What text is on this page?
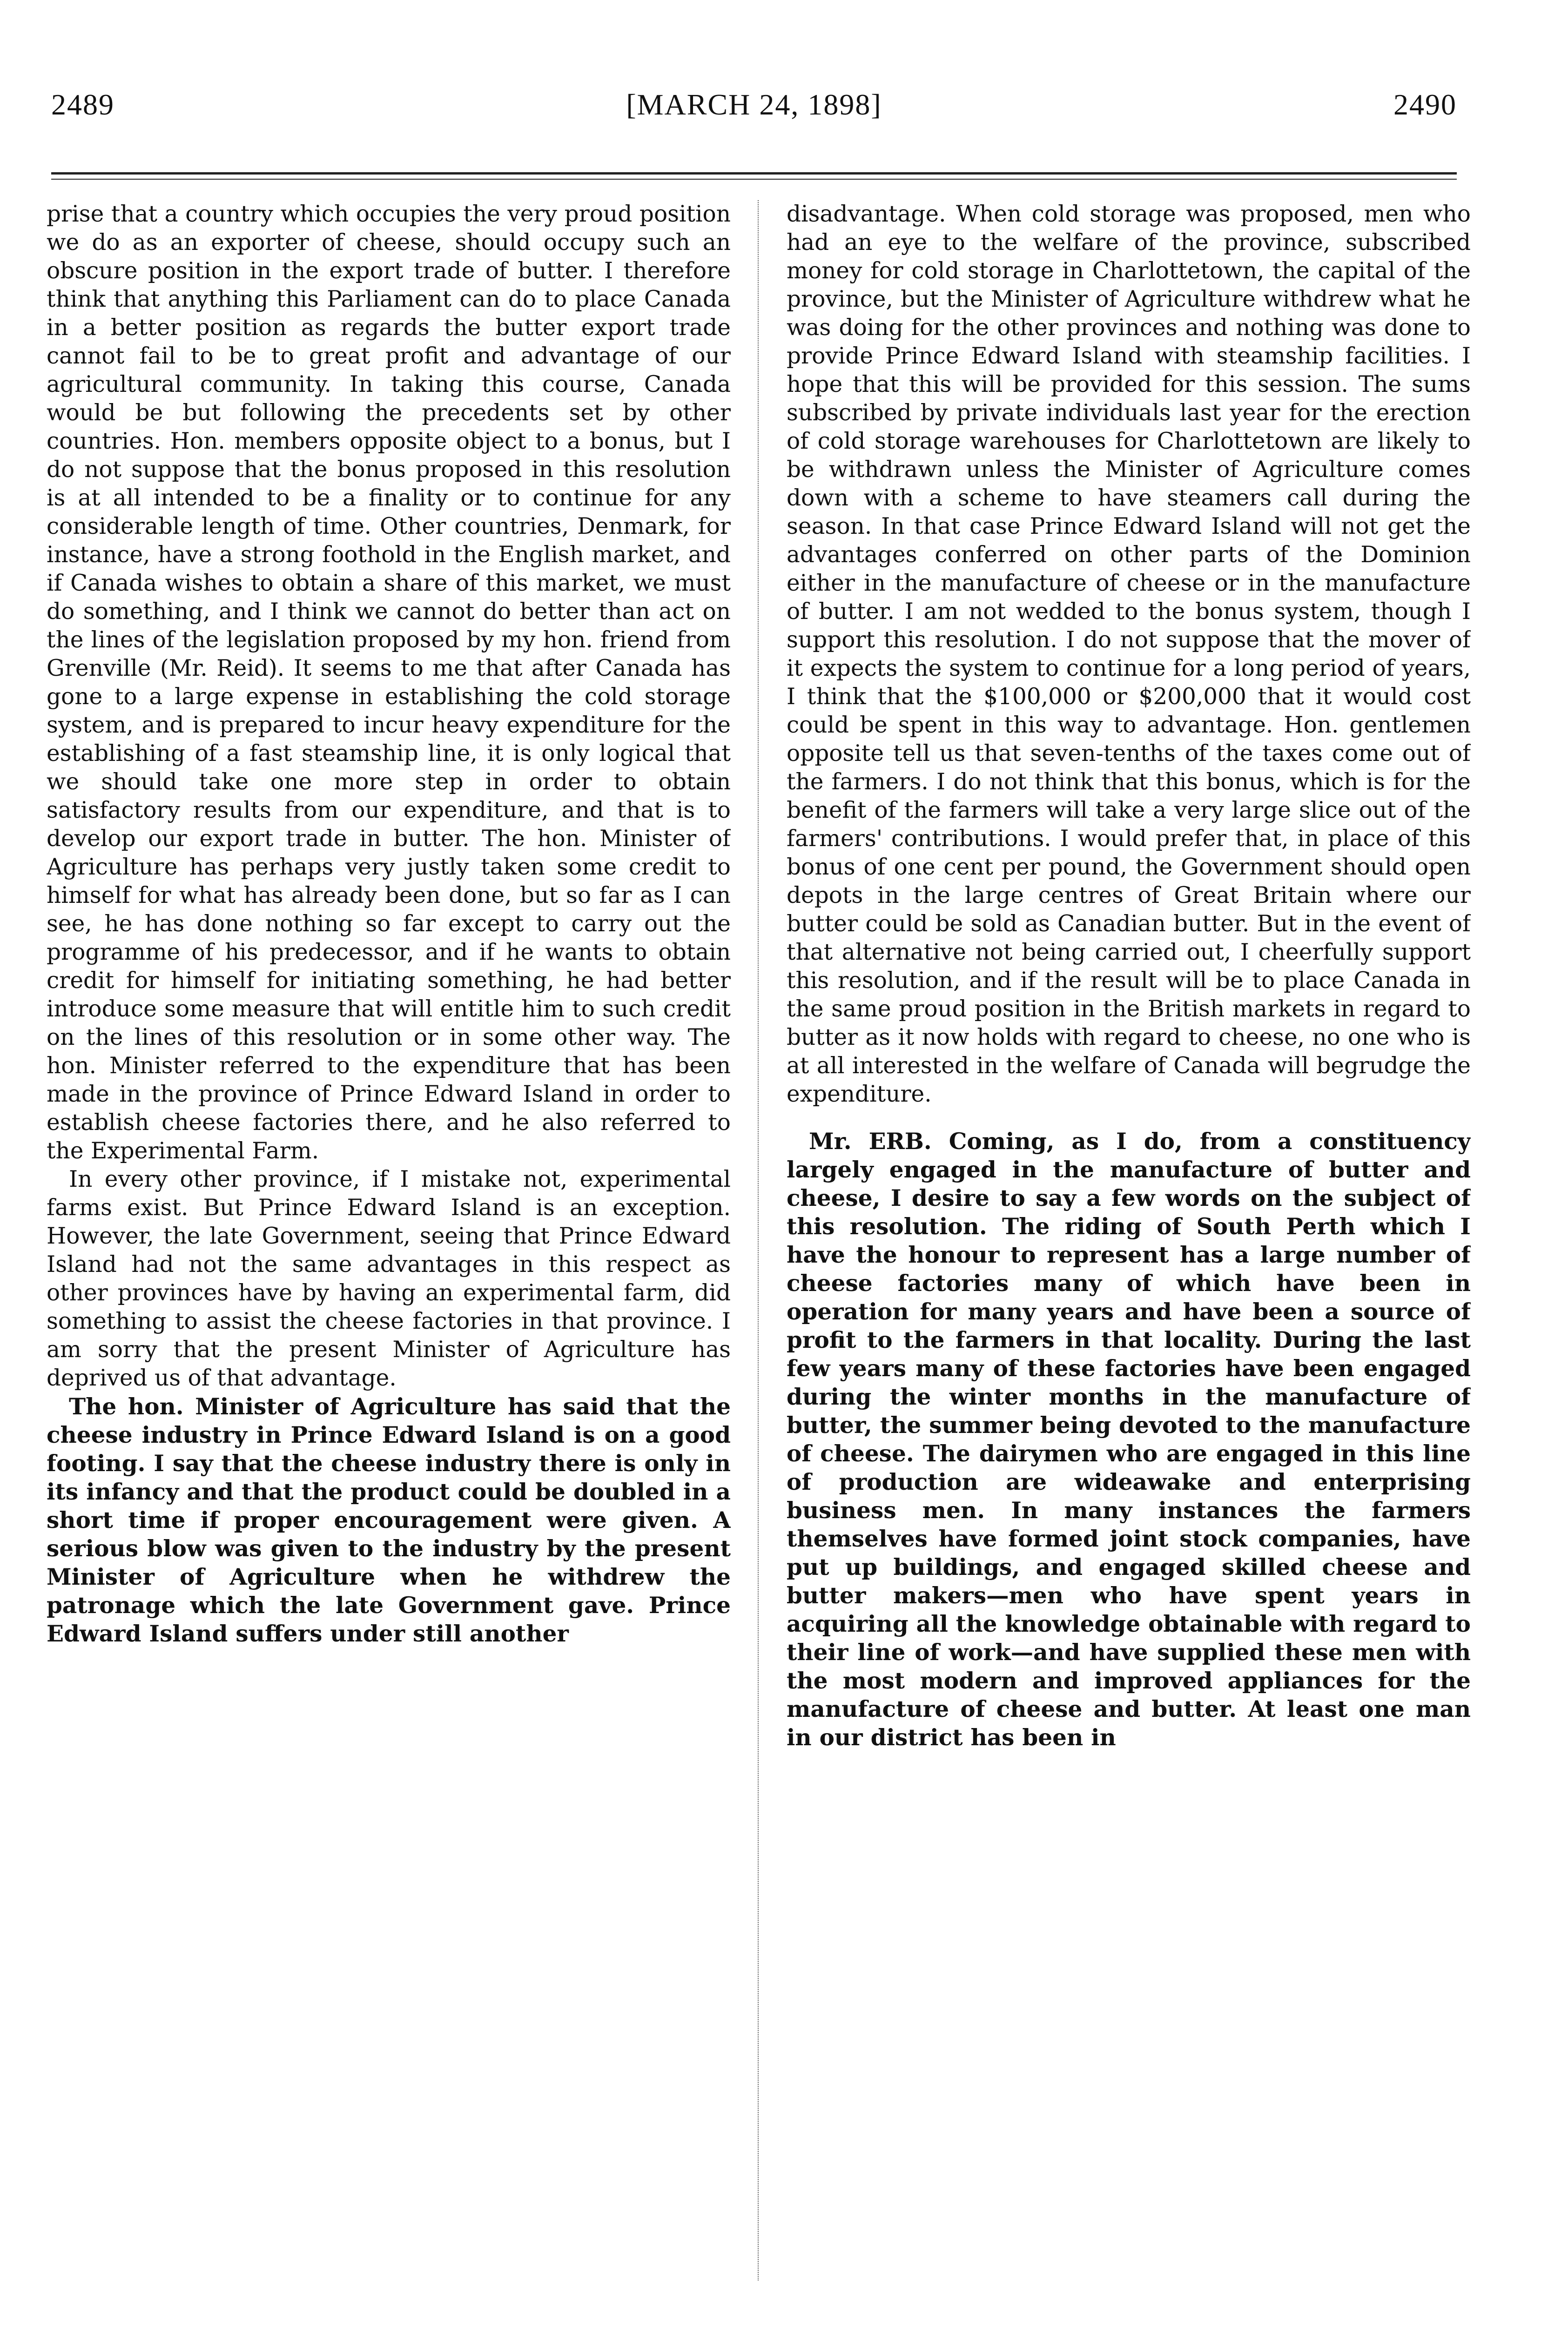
2489	[MARCH 24, 1898]	2490

prise that a country which occupies the very proud position we do as an exporter of cheese, should occupy such an obscure position in the export trade of butter. I therefore think that anything this Parliament can do to place Canada in a better position as regards the butter export trade cannot fail to be to great profit and advantage of our agricultural community. In taking this course, Canada would be but following the precedents set by other countries. Hon. members opposite object to a bonus, but I do not suppose that the bonus proposed in this resolution is at all intended to be a finality or to continue for any considerable length of time. Other countries, Denmark, for instance, have a strong foothold in the English market, and if Canada wishes to obtain a share of this market, we must do something, and I think we cannot do better than act on the lines of the legislation proposed by my hon. friend from Grenville (Mr. Reid). It seems to me that after Canada has gone to a large expense in establishing the cold storage system, and is prepared to incur heavy expenditure for the establishing of a fast steamship line, it is only logical that we should take one more step in order to obtain satisfactory results from our expenditure, and that is to develop our export trade in butter. The hon. Minister of Agriculture has perhaps very justly taken some credit to himself for what has already been done, but so far as I can see, he has done nothing so far except to carry out the programme of his predecessor, and if he wants to obtain credit for himself for initiating something, he had better introduce some measure that will entitle him to such credit on the lines of this resolution or in some other way. The hon. Minister referred to the expenditure that has been made in the province of Prince Edward Island in order to establish cheese factories there, and he also referred to the Experimental Farm.

In every other province, if I mistake not, experimental farms exist. But Prince Edward Island is an exception. However, the late Government, seeing that Prince Edward Island had not the same advantages in this respect as other provinces have by having an experimental farm, did something to assist the cheese factories in that province. I am sorry that the present Minister of Agriculture has deprived us of that advantage.

The hon. Minister of Agriculture has said that the cheese industry in Prince Edward Island is on a good footing. I say that the cheese industry there is only in its infancy and that the product could be doubled in a short time if proper encouragement were given. A serious blow was given to the industry by the present Minister of Agriculture when he withdrew the patronage which the late Government gave. Prince Edward Island suffers under still another

disadvantage. When cold storage was proposed, men who had an eye to the welfare of the province, subscribed money for cold storage in Charlottetown, the capital of the province, but the Minister of Agriculture withdrew what he was doing for the other provinces and nothing was done to provide Prince Edward Island with steamship facilities. I hope that this will be provided for this session. The sums subscribed by private individuals last year for the erection of cold storage warehouses for Charlottetown are likely to be withdrawn unless the Minister of Agriculture comes down with a scheme to have steamers call during the season. In that case Prince Edward Island will not get the advantages conferred on other parts of the Dominion either in the manufacture of cheese or in the manufacture of butter. I am not wedded to the bonus system, though I support this resolution. I do not suppose that the mover of it expects the system to continue for a long period of years, I think that the $100,000 or $200,000 that it would cost could be spent in this way to advantage. Hon. gentlemen opposite tell us that seven-tenths of the taxes come out of the farmers. I do not think that this bonus, which is for the benefit of the farmers will take a very large slice out of the farmers' contributions. I would prefer that, in place of this bonus of one cent per pound, the Government should open depots in the large centres of Great Britain where our butter could be sold as Canadian butter. But in the event of that alternative not being carried out, I cheerfully support this resolution, and if the result will be to place Canada in the same proud position in the British markets in regard to butter as it now holds with regard to cheese, no one who is at all interested in the welfare of Canada will begrudge the expenditure.

Mr. ERB. Coming, as I do, from a constituency largely engaged in the manufacture of butter and cheese, I desire to say a few words on the subject of this resolution. The riding of South Perth which I have the honour to represent has a large number of cheese factories many of which have been in operation for many years and have been a source of profit to the farmers in that locality. During the last few years many of these factories have been engaged during the winter months in the manufacture of butter, the summer being devoted to the manufacture of cheese. The dairymen who are engaged in this line of production are wideawake and enterprising business men. In many instances the farmers themselves have formed joint stock companies, have put up buildings, and engaged skilled cheese and butter makers—men who have spent years in acquiring all the knowledge obtainable with regard to their line of work—and have supplied these men with the most modern and improved appliances for the manufacture of cheese and butter. At least one man in our district has been in
